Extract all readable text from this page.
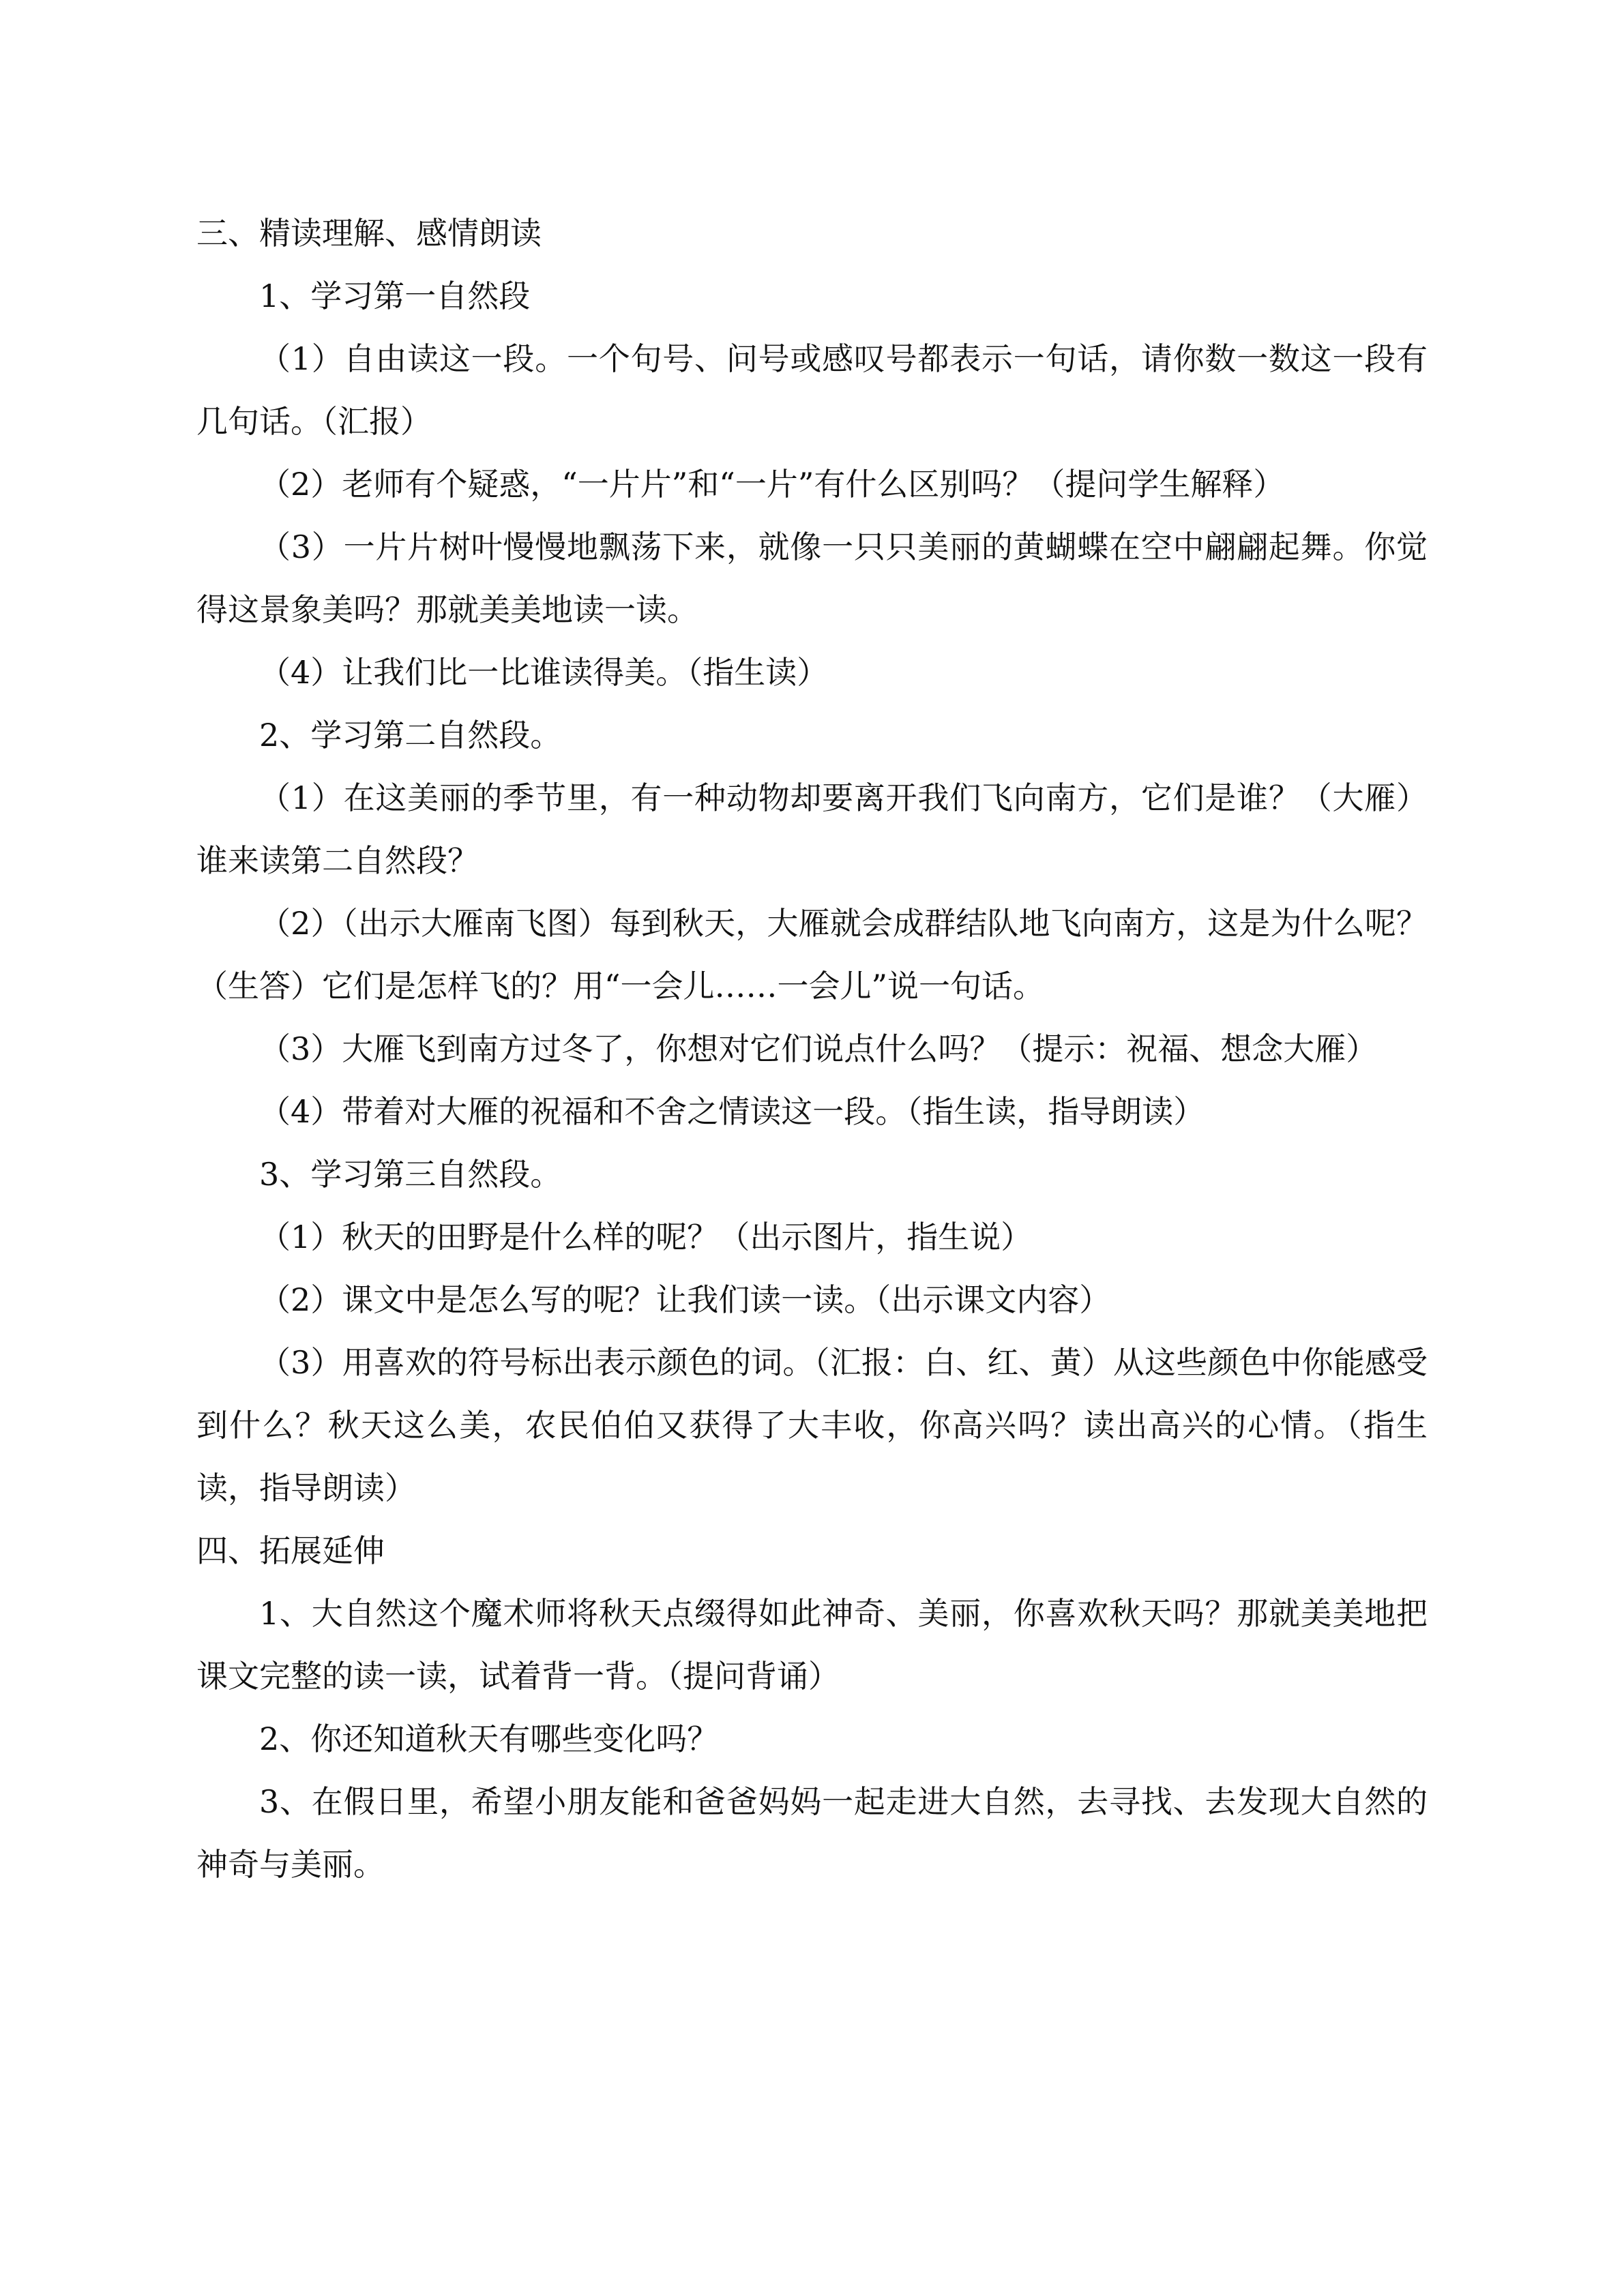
三、精读理解、感情朗读

1、学习第一自然段

（1）自由读这一段。一个句号、问号或感叹号都表示一句话，请你数一数这一段有几句话。（汇报）

（2）老师有个疑惑，“一片片”和“一片”有什么区别吗？（提问学生解释）

（3）一片片树叶慢慢地飘荡下来，就像一只只美丽的黄蝴蝶在空中翩翩起舞。你觉得这景象美吗？那就美美地读一读。

（4）让我们比一比谁读得美。（指生读）

2、学习第二自然段。

（1）在这美丽的季节里，有一种动物却要离开我们飞向南方，它们是谁？（大雁）谁来读第二自然段？

（2）（出示大雁南飞图）每到秋天，大雁就会成群结队地飞向南方，这是为什么呢？（生答）它们是怎样飞的？用“一会儿……一会儿”说一句话。

（3）大雁飞到南方过冬了，你想对它们说点什么吗？（提示：祝福、想念大雁）

（4）带着对大雁的祝福和不舍之情读这一段。（指生读，指导朗读）

3、学习第三自然段。

（1）秋天的田野是什么样的呢？（出示图片，指生说）

（2）课文中是怎么写的呢？让我们读一读。（出示课文内容）

（3）用喜欢的符号标出表示颜色的词。（汇报：白、红、黄）从这些颜色中你能感受到什么？秋天这么美，农民伯伯又获得了大丰收，你高兴吗？读出高兴的心情。（指生读，指导朗读）

四、拓展延伸

1、大自然这个魔术师将秋天点缀得如此神奇、美丽，你喜欢秋天吗？那就美美地把课文完整的读一读，试着背一背。（提问背诵）

2、你还知道秋天有哪些变化吗？

3、在假日里，希望小朋友能和爸爸妈妈一起走进大自然，去寻找、去发现大自然的神奇与美丽。
